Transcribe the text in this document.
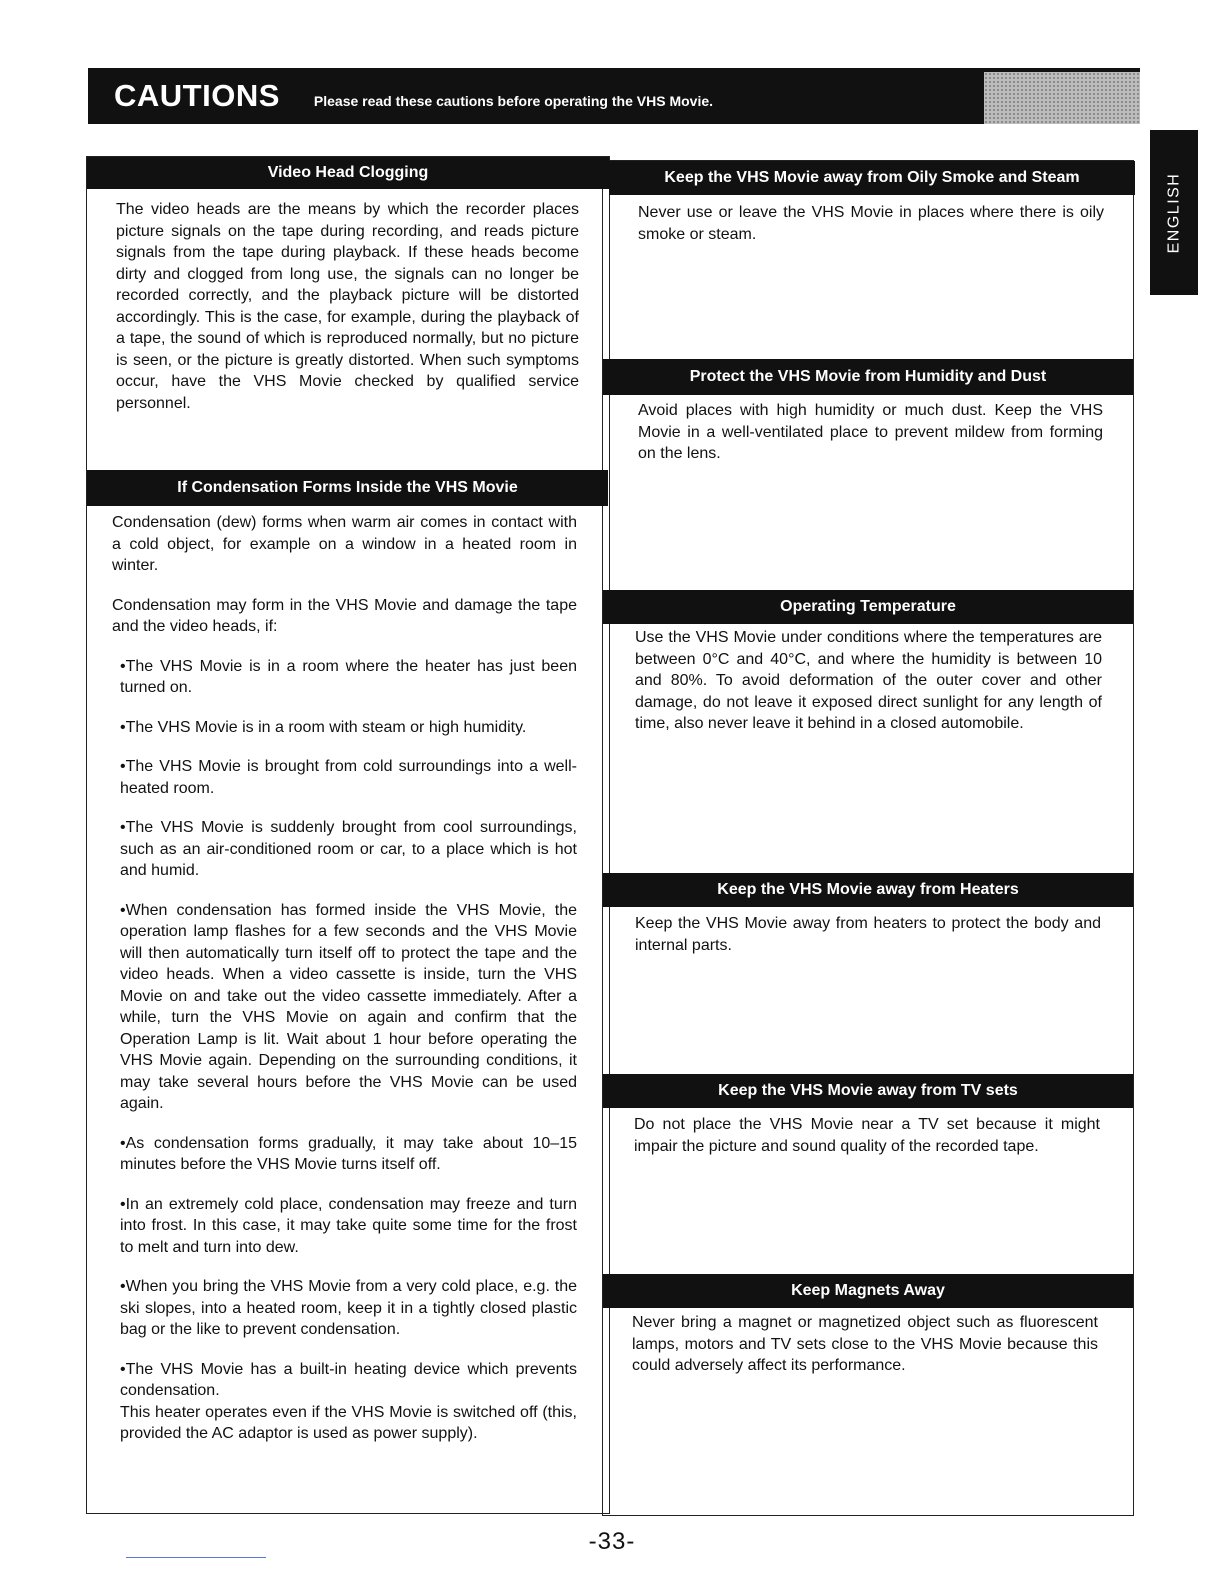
CAUTIONS Please read these cautions before operating the VHS Movie.
ENGLISH
Video Head Clogging

The video heads are the means by which the recorder places picture signals on the tape during recording, and reads picture signals from the tape during playback. If these heads become dirty and clogged from long use, the signals can no longer be recorded correctly, and the playback picture will be distorted accordingly. This is the case, for example, during the playback of a tape, the sound of which is reproduced normally, but no picture is seen, or the picture is greatly distorted. When such symptoms occur, have the VHS Movie checked by qualified service personnel.

If Condensation Forms Inside the VHS Movie

Condensation (dew) forms when warm air comes in contact with a cold object, for example on a window in a heated room in winter.

Condensation may form in the VHS Movie and damage the tape and the video heads, if:

•The VHS Movie is in a room where the heater has just been turned on.

•The VHS Movie is in a room with steam or high humidity.

•The VHS Movie is brought from cold surroundings into a well-heated room.

•The VHS Movie is suddenly brought from cool surroundings, such as an air-conditioned room or car, to a place which is hot and humid.

•When condensation has formed inside the VHS Movie, the operation lamp flashes for a few seconds and the VHS Movie will then automatically turn itself off to protect the tape and the video heads. When a video cassette is inside, turn the VHS Movie on and take out the video cassette immediately. After a while, turn the VHS Movie on again and confirm that the Operation Lamp is lit. Wait about 1 hour before operating the VHS Movie again. Depending on the surrounding conditions, it may take several hours before the VHS Movie can be used again.

•As condensation forms gradually, it may take about 10–15 minutes before the VHS Movie turns itself off.

•In an extremely cold place, condensation may freeze and turn into frost. In this case, it may take quite some time for the frost to melt and turn into dew.

•When you bring the VHS Movie from a very cold place, e.g. the ski slopes, into a heated room, keep it in a tightly closed plastic bag or the like to prevent condensation.

•The VHS Movie has a built-in heating device which prevents condensation.

This heater operates even if the VHS Movie is switched off (this, provided the AC adaptor is used as power supply).

Keep the VHS Movie away from Oily Smoke and Steam

Never use or leave the VHS Movie in places where there is oily smoke or steam.

Protect the VHS Movie from Humidity and Dust

Avoid places with high humidity or much dust. Keep the VHS Movie in a well-ventilated place to prevent mildew from forming on the lens.

Operating Temperature

Use the VHS Movie under conditions where the temperatures are between 0°C and 40°C, and where the humidity is between 10 and 80%. To avoid deformation of the outer cover and other damage, do not leave it exposed direct sunlight for any length of time, also never leave it behind in a closed automobile.

Keep the VHS Movie away from Heaters

Keep the VHS Movie away from heaters to protect the body and internal parts.

Keep the VHS Movie away from TV sets

Do not place the VHS Movie near a TV set because it might impair the picture and sound quality of the recorded tape.

Keep Magnets Away

Never bring a magnet or magnetized object such as fluorescent lamps, motors and TV sets close to the VHS Movie because this could adversely affect its performance.

-33-
